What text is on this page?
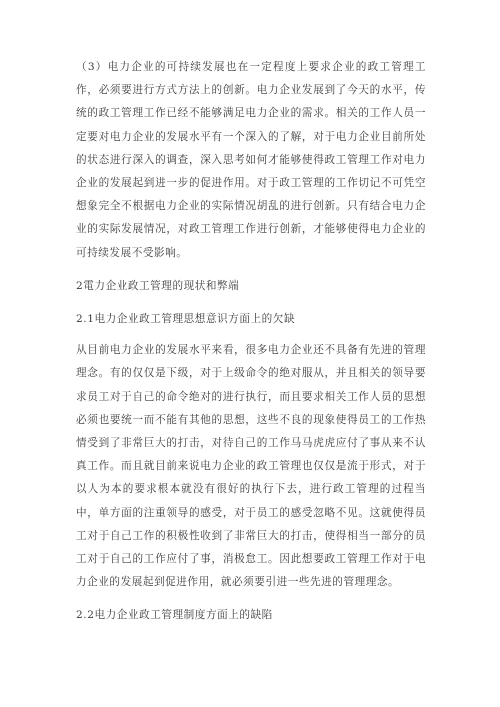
（3）电力企业的可持续发展也在一定程度上要求企业的政工管理工作，必须要进行方式方法上的创新。电力企业发展到了今天的水平，传统的政工管理工作已经不能够满足电力企业的需求。相关的工作人员一定要对电力企业的发展水平有一个深入的了解，对于电力企业目前所处的状态进行深入的调查，深入思考如何才能够使得政工管理工作对电力企业的发展起到进一步的促进作用。对于政工管理的工作切记不可凭空想象完全不根据电力企业的实际情况胡乱的进行创新。只有结合电力企业的实际发展情况，对政工管理工作进行创新，才能够使得电力企业的可持续发展不受影响。

2電力企业政工管理的现状和弊端
2.1电力企业政工管理思想意识方面上的欠缺

从目前电力企业的发展水平来看，很多电力企业还不具备有先进的管理理念。有的仅仅是下级，对于上级命令的绝对服从，并且相关的领导要求员工对于自己的命令绝对的进行执行，而且要求相关工作人员的思想必须也要统一而不能有其他的思想，这些不良的现象使得员工的工作热情受到了非常巨大的打击，对待自己的工作马马虎虎应付了事从来不认真工作。而且就目前来说电力企业的政工管理也仅仅是流于形式，对于以人为本的要求根本就没有很好的执行下去，进行政工管理的过程当中，单方面的注重领导的感受，对于员工的感受忽略不见。这就使得员工对于自己工作的积极性收到了非常巨大的打击，使得相当一部分的员工对于自己的工作应付了事，消极怠工。因此想要政工管理工作对于电力企业的发展起到促进作用，就必须要引进一些先进的管理理念。

2.2电力企业政工管理制度方面上的缺陷
